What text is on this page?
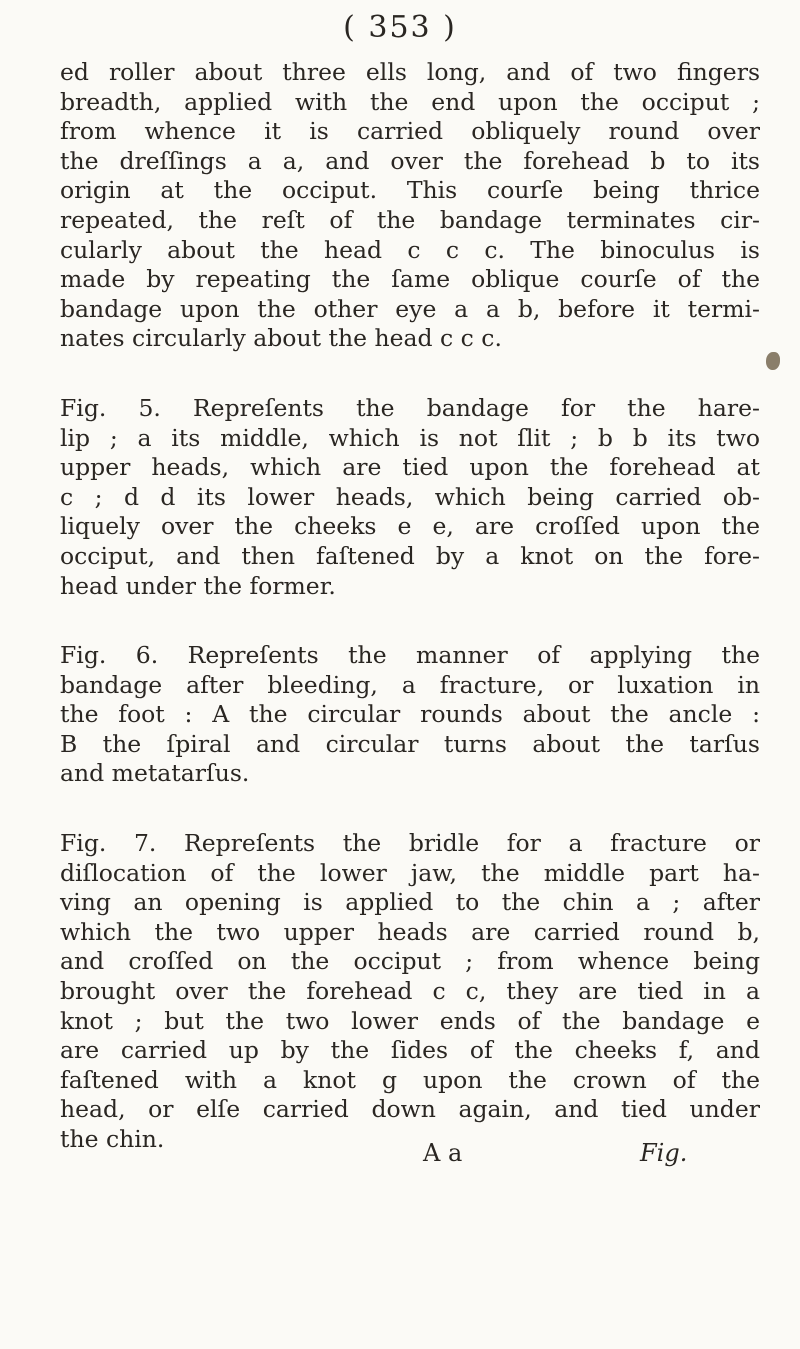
( 353 )
ed roller about three ells long, and of two fingers
breadth, applied with the end upon the occiput ;
from whence it is carried obliquely round over
the dreſſings a a, and over the forehead b to its
origin at the occiput. This courſe being thrice
repeated, the reſt of the bandage terminates cir-
cularly about the head c c c. The binoculus is
made by repeating the ſame oblique courſe of the
bandage upon the other eye a a b, before it termi-
nates circularly about the head c c c.
Fig. 5. Repreſents the bandage for the hare-
lip ; a its middle, which is not ſlit ; b b its two
upper heads, which are tied upon the forehead at
c ; d d its lower heads, which being carried ob-
liquely over the cheeks e e, are croſſed upon the
occiput, and then faſtened by a knot on the fore-
head under the former.
Fig. 6. Repreſents the manner of applying the
bandage after bleeding, a fracture, or luxation in
the foot : A the circular rounds about the ancle :
B the ſpiral and circular turns about the tarſus
and metatarſus.
Fig. 7. Repreſents the bridle for a fracture or
diſlocation of the lower jaw, the middle part ha-
ving an opening is applied to the chin a ; after
which the two upper heads are carried round b,
and croſſed on the occiput ; from whence being
brought over the forehead c c, they are tied in a
knot ; but the two lower ends of the bandage e
are carried up by the ſides of the cheeks f, and
faſtened with a knot g upon the crown of the
head, or elſe carried down again, and tied under
the chin.	A a	Fig.
